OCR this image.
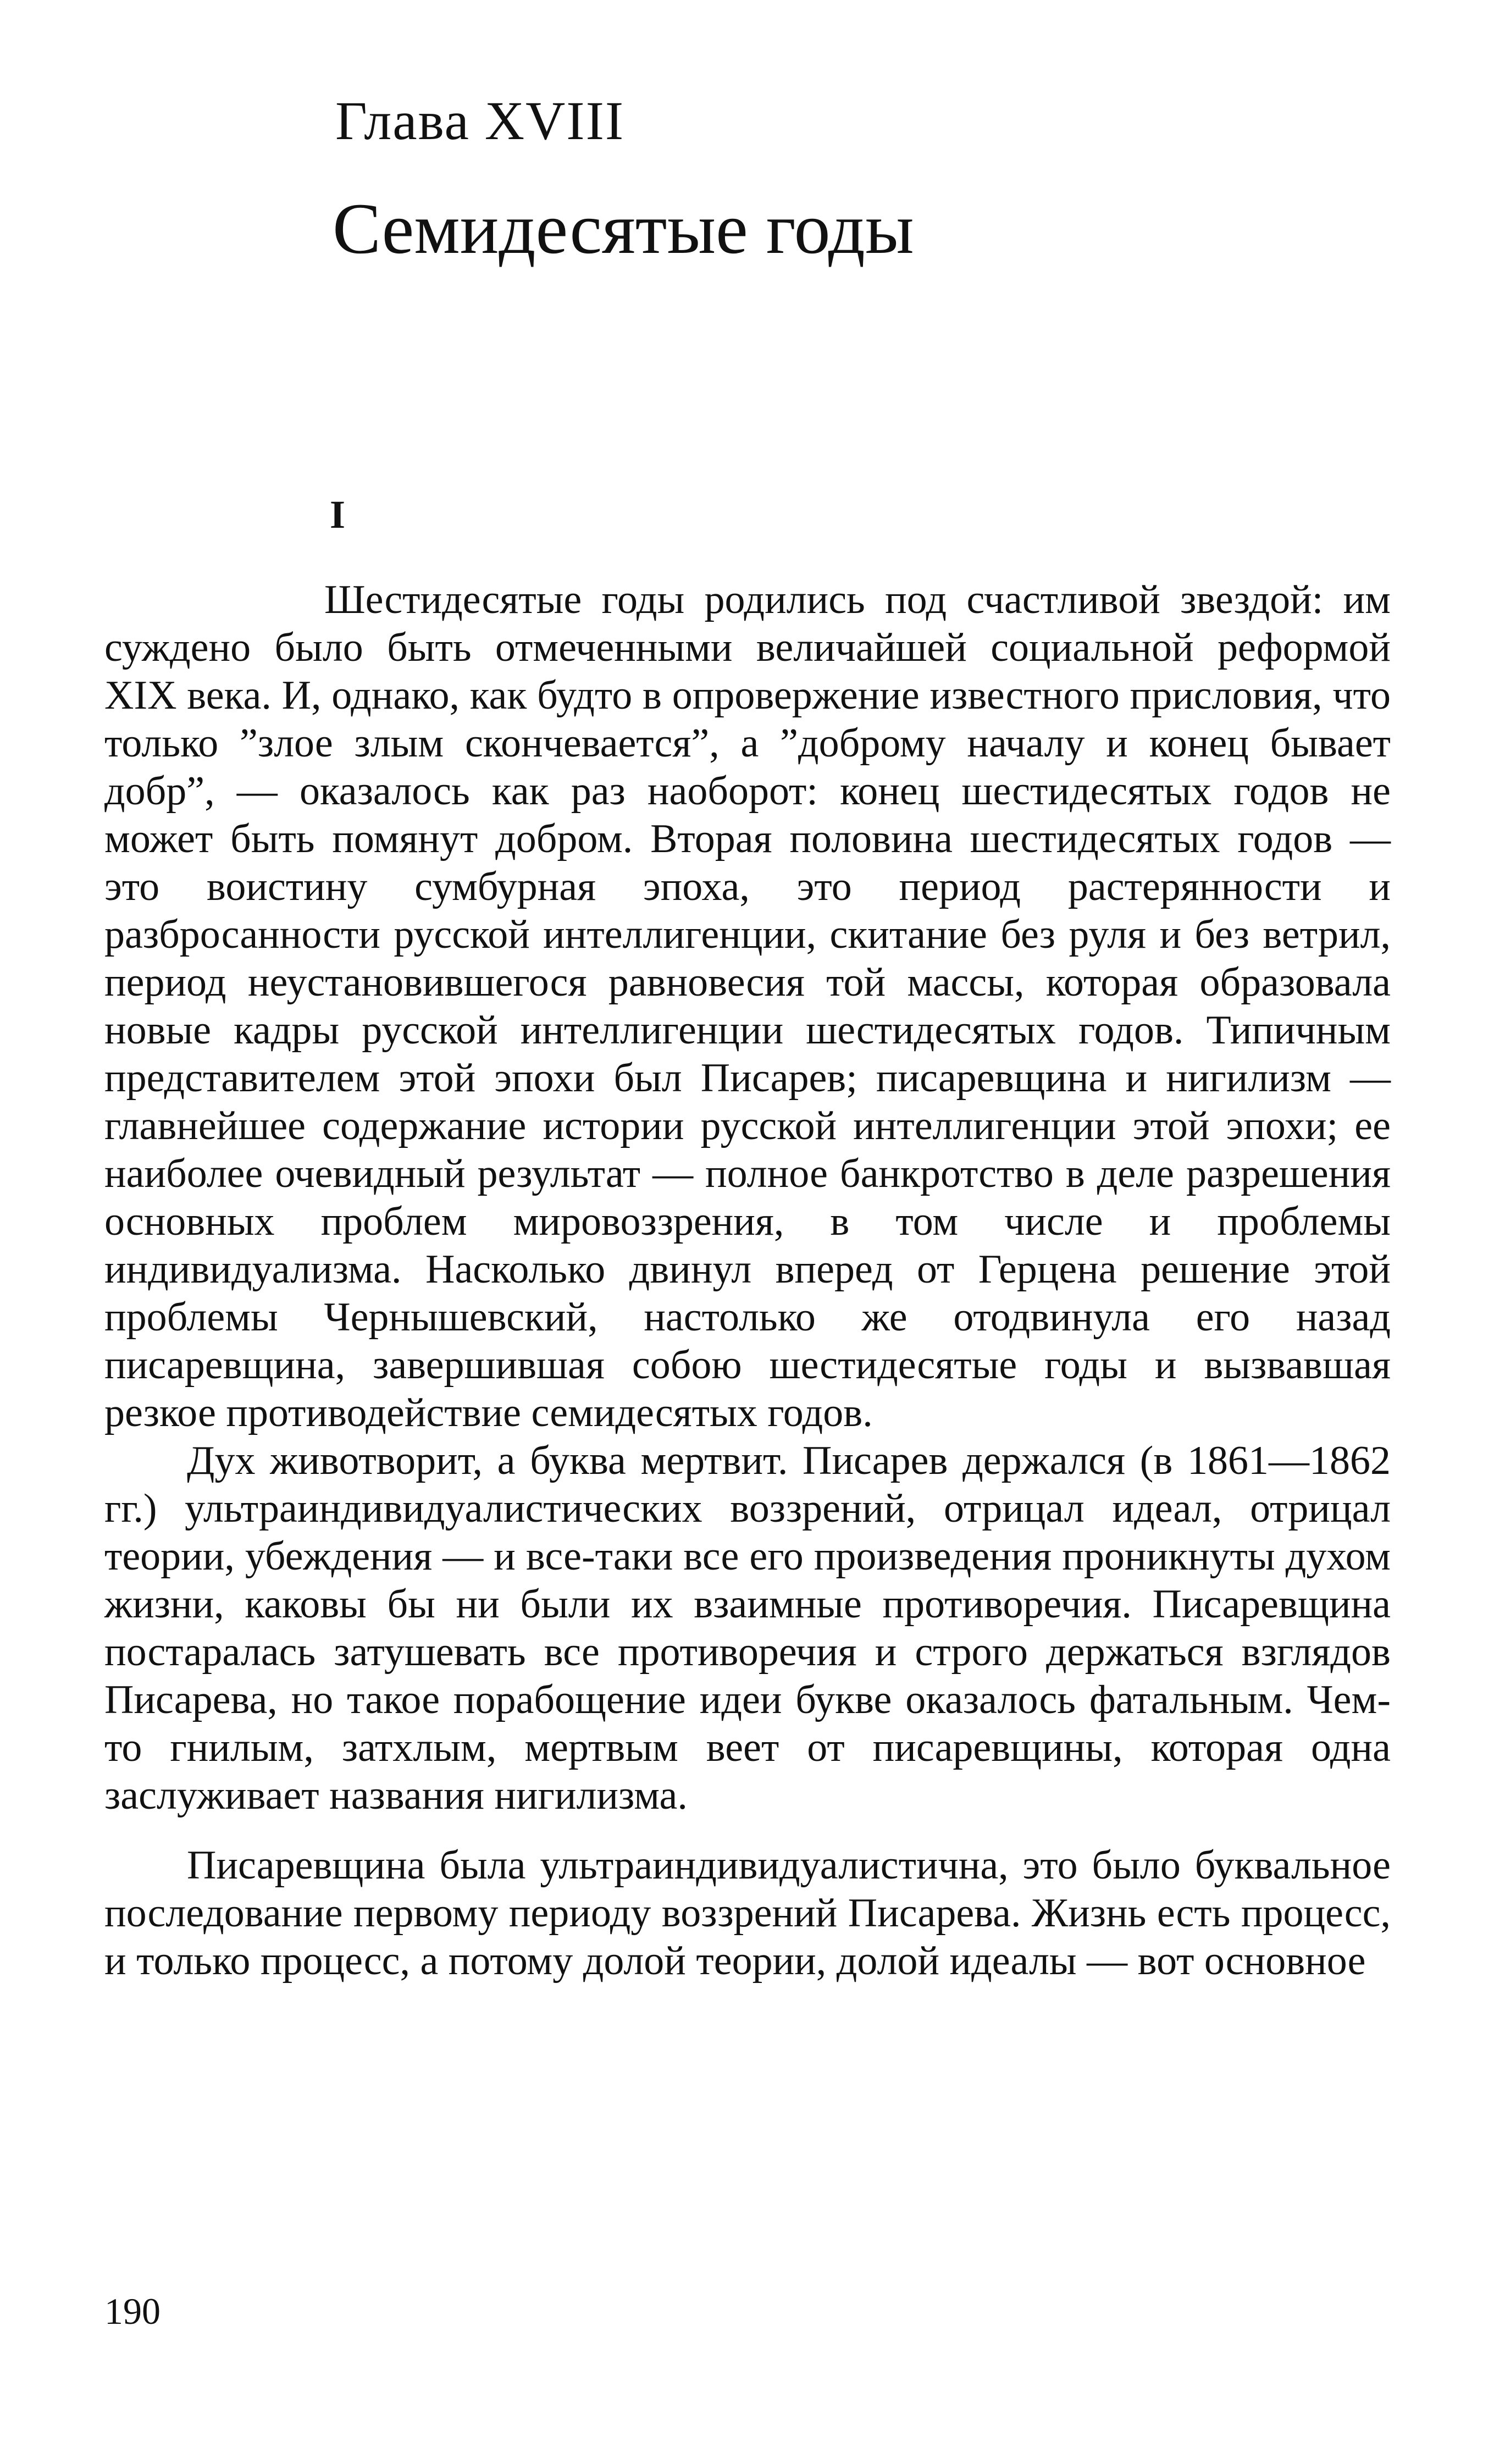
Глава XVIII
Семидесятые годы
I

Шестидесятые годы родились под счастливой звездой: им суждено было быть отмеченными величайшей социальной реформой XIX века. И, однако, как будто в опровержение известного присловия, что только ”злое злым скончевается”, а ”доброму началу и конец бывает добр”, — оказалось как раз наоборот: конец шестидесятых годов не может быть помянут добром. Вторая половина шестидесятых годов — это воистину сумбурная эпоха, это период растерянности и разбросанности русской интеллигенции, скитание без руля и без ветрил, период неустановившегося равновесия той массы, которая образовала новые кадры русской интеллигенции шестидесятых годов. Типичным представителем этой эпохи был Писарев; писаревщина и нигилизм — главнейшее содержание истории русской интеллигенции этой эпохи; ее наиболее очевидный результат — полное банкротство в деле разрешения основных проблем мировоззрения, в том числе и проблемы индивидуализма. Насколько двинул вперед от Герцена решение этой проблемы Чернышевский, настолько же отодвинула его назад писаревщина, завершившая собою шестидесятые годы и вызвавшая резкое противодействие семидесятых годов.

Дух животворит, а буква мертвит. Писарев держался (в 1861—1862 гг.) ультраиндивидуалистических воззрений, отрицал идеал, отрицал теории, убеждения — и все-таки все его произведения проникнуты духом жизни, каковы бы ни были их взаимные противоречия. Писаревщина постаралась затушевать все противоречия и строго держаться взглядов Писарева, но такое порабощение идеи букве оказалось фатальным. Чем-то гнилым, затхлым, мертвым веет от писаревщины, которая одна заслуживает названия нигилизма.

Писаревщина была ультраиндивидуалистична, это было буквальное последование первому периоду воззрений Писарева. Жизнь есть процесс, и только процесс, а потому долой теории, долой идеалы — вот основное

190
